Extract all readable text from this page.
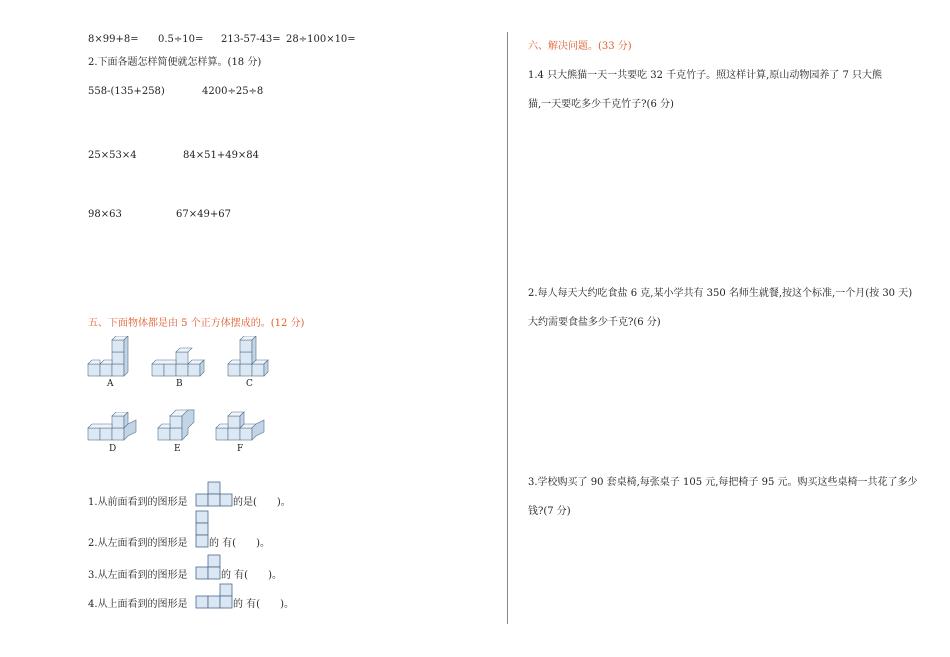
8×99+8= 0.5÷10= 213-57-43= 28÷100×10=
2.下面各题怎样简便就怎样算。(18 分)
558-(135+258)	4200÷25÷8
25×53×4	84×51+49×84
98×63	67×49+67
五、下面物体都是由 5 个正方体摆成的。(12 分)
A	B	C
D	E	F
1.从前面看到的图形是	的是(　　)。
2.从左面看到的图形是 的 有(　　)。
3.从左面看到的图形是	的 有(　　)。
4.从上面看到的图形是	的 有(　　)。
六、解决问题。(33 分)
1.4 只大熊猫一天一共要吃 32 千克竹子。照这样计算,原山动物园养了 7 只大熊
猫,一天要吃多少千克竹子?(6 分)
2.每人每天大约吃食盐 6 克,某小学共有 350 名师生就餐,按这个标准,一个月(按 30 天)
大约需要食盐多少千克?(6 分)
3.学校购买了 90 套桌椅,每张桌子 105 元,每把椅子 95 元。购买这些桌椅一共花了多少
钱?(7 分)
